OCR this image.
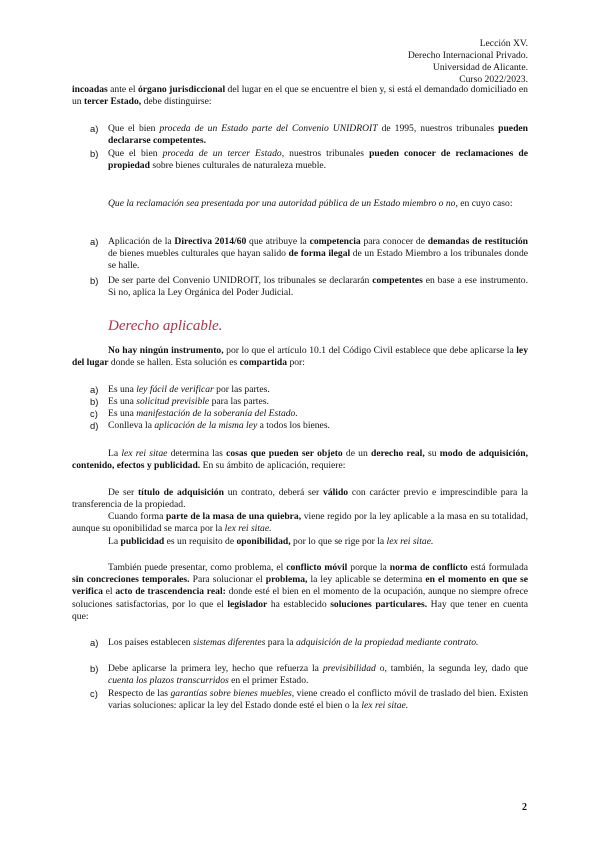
Lección XV.
Derecho Internacional Privado.
Universidad de Alicante.
Curso 2022/2023.
incoadas ante el órgano jurisdiccional del lugar en el que se encuentre el bien y, si está el demandado domiciliado en un tercer Estado, debe distinguirse:
a) Que el bien proceda de un Estado parte del Convenio UNIDROIT de 1995, nuestros tribunales pueden declararse competentes.
b) Que el bien proceda de un tercer Estado, nuestros tribunales pueden conocer de reclamaciones de propiedad sobre bienes culturales de naturaleza mueble.
Que la reclamación sea presentada por una autoridad pública de un Estado miembro o no, en cuyo caso:
a) Aplicación de la Directiva 2014/60 que atribuye la competencia para conocer de demandas de restitución de bienes muebles culturales que hayan salido de forma ilegal de un Estado Miembro a los tribunales donde se halle.
b) De ser parte del Convenio UNIDROIT, los tribunales se declararán competentes en base a ese instrumento. Si no, aplica la Ley Orgánica del Poder Judicial.
Derecho aplicable.
No hay ningún instrumento, por lo que el artículo 10.1 del Código Civil establece que debe aplicarse la ley del lugar donde se hallen. Esta solución es compartida por:
a) Es una ley fácil de verificar por las partes.
b) Es una solicitud previsible para las partes.
c) Es una manifestación de la soberanía del Estado.
d) Conlleva la aplicación de la misma ley a todos los bienes.
La lex rei sitae determina las cosas que pueden ser objeto de un derecho real, su modo de adquisición, contenido, efectos y publicidad. En su ámbito de aplicación, requiere:
De ser título de adquisición un contrato, deberá ser válido con carácter previo e imprescindible para la transferencia de la propiedad.
Cuando forma parte de la masa de una quiebra, viene regido por la ley aplicable a la masa en su totalidad, aunque su oponibilidad se marca por la lex rei sitae.
La publicidad es un requisito de oponibilidad, por lo que se rige por la lex rei sitae.
También puede presentar, como problema, el conflicto móvil porque la norma de conflicto está formulada sin concreciones temporales. Para solucionar el problema, la ley aplicable se determina en el momento en que se verifica el acto de trascendencia real: donde esté el bien en el momento de la ocupación, aunque no siempre ofrece soluciones satisfactorias, por lo que el legislador ha establecido soluciones particulares. Hay que tener en cuenta que:
a) Los países establecen sistemas diferentes para la adquisición de la propiedad mediante contrato.
b) Debe aplicarse la primera ley, hecho que refuerza la previsibilidad o, también, la segunda ley, dado que cuenta los plazos transcurridos en el primer Estado.
c) Respecto de las garantías sobre bienes muebles, viene creado el conflicto móvil de traslado del bien. Existen varias soluciones: aplicar la ley del Estado donde esté el bien o la lex rei sitae.
2
